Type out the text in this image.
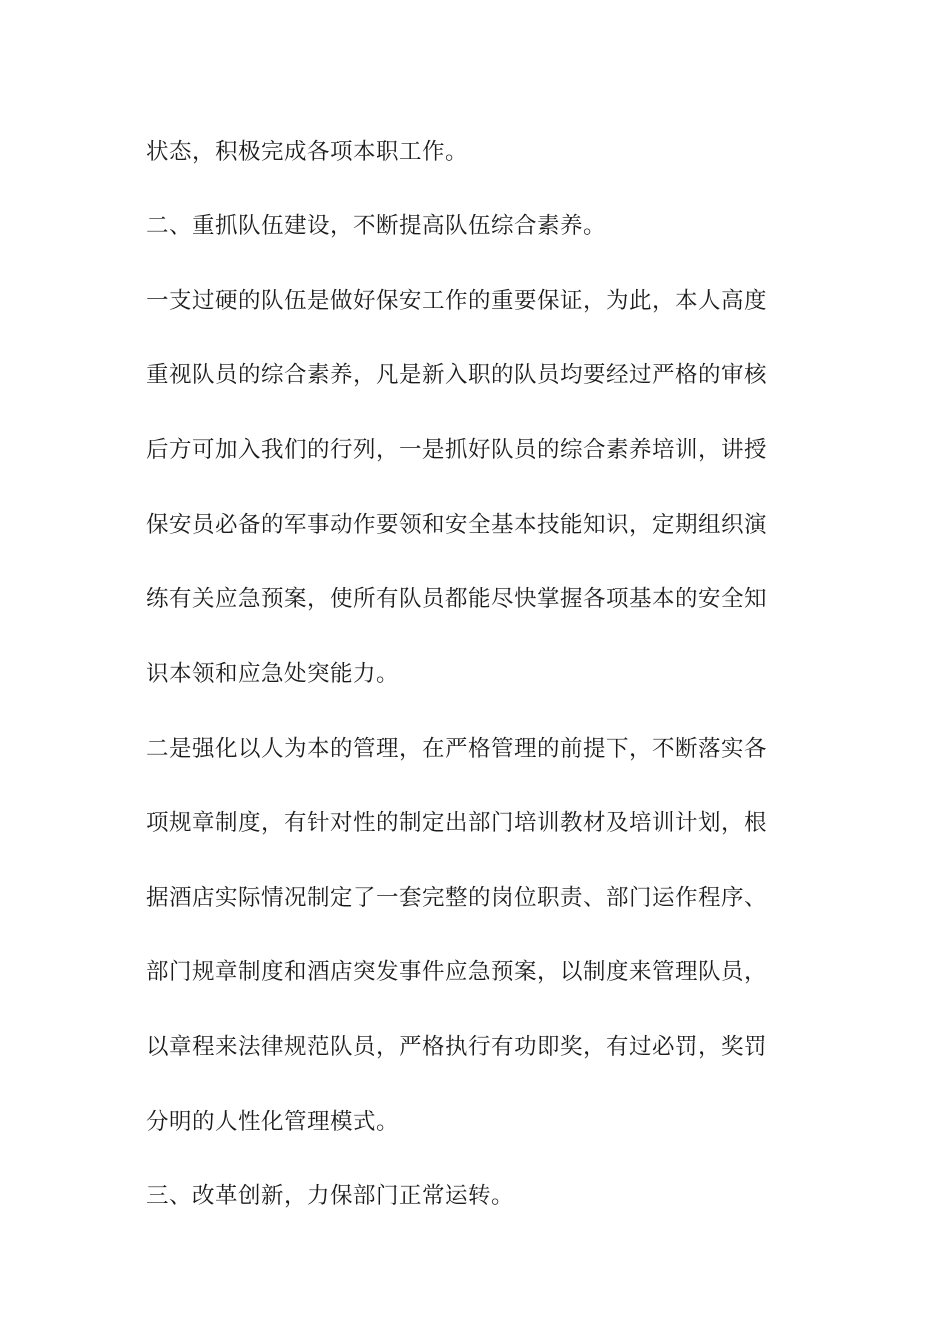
状态，积极完成各项本职工作。
二、重抓队伍建设，不断提高队伍综合素养。
一支过硬的队伍是做好保安工作的重要保证，为此，本人高度
重视队员的综合素养，凡是新入职的队员均要经过严格的审核
后方可加入我们的行列，一是抓好队员的综合素养培训，讲授
保安员必备的军事动作要领和安全基本技能知识，定期组织演
练有关应急预案，使所有队员都能尽快掌握各项基本的安全知
识本领和应急处突能力。
二是强化以人为本的管理，在严格管理的前提下，不断落实各
项规章制度，有针对性的制定出部门培训教材及培训计划，根
据酒店实际情况制定了一套完整的岗位职责、部门运作程序、
部门规章制度和酒店突发事件应急预案，以制度来管理队员，
以章程来法律规范队员，严格执行有功即奖，有过必罚，奖罚
分明的人性化管理模式。
三、改革创新，力保部门正常运转。
